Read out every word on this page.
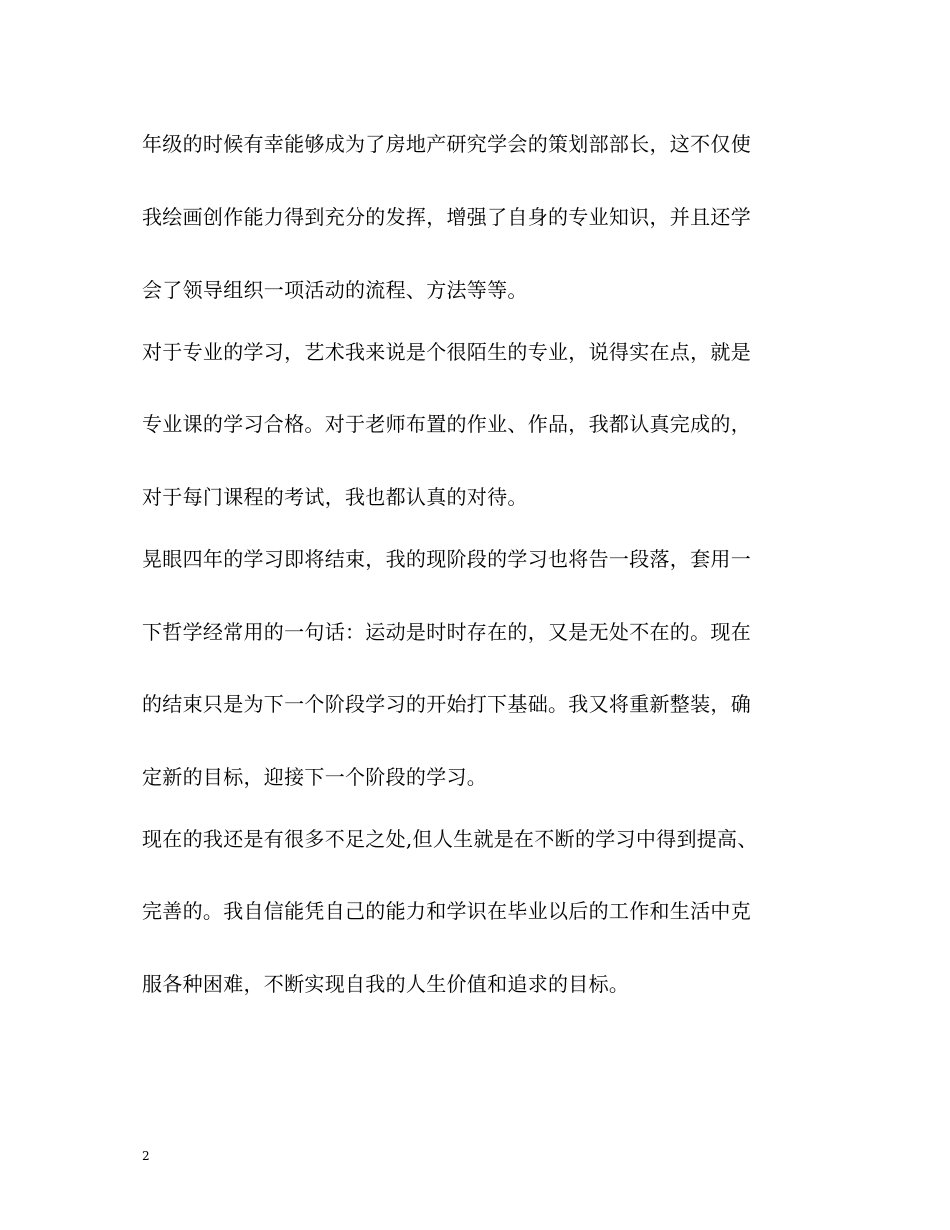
年级的时候有幸能够成为了房地产研究学会的策划部部长，这不仅使
我绘画创作能力得到充分的发挥，增强了自身的专业知识，并且还学
会了领导组织一项活动的流程、方法等等。
对于专业的学习，艺术我来说是个很陌生的专业，说得实在点，就是
专业课的学习合格。对于老师布置的作业、作品，我都认真完成的，
对于每门课程的考试，我也都认真的对待。
晃眼四年的学习即将结束，我的现阶段的学习也将告一段落，套用一
下哲学经常用的一句话：运动是时时存在的，又是无处不在的。现在
的结束只是为下一个阶段学习的开始打下基础。我又将重新整装，确
定新的目标，迎接下一个阶段的学习。
现在的我还是有很多不足之处,但人生就是在不断的学习中得到提高、
完善的。我自信能凭自己的能力和学识在毕业以后的工作和生活中克
服各种困难，不断实现自我的人生价值和追求的目标。
2
